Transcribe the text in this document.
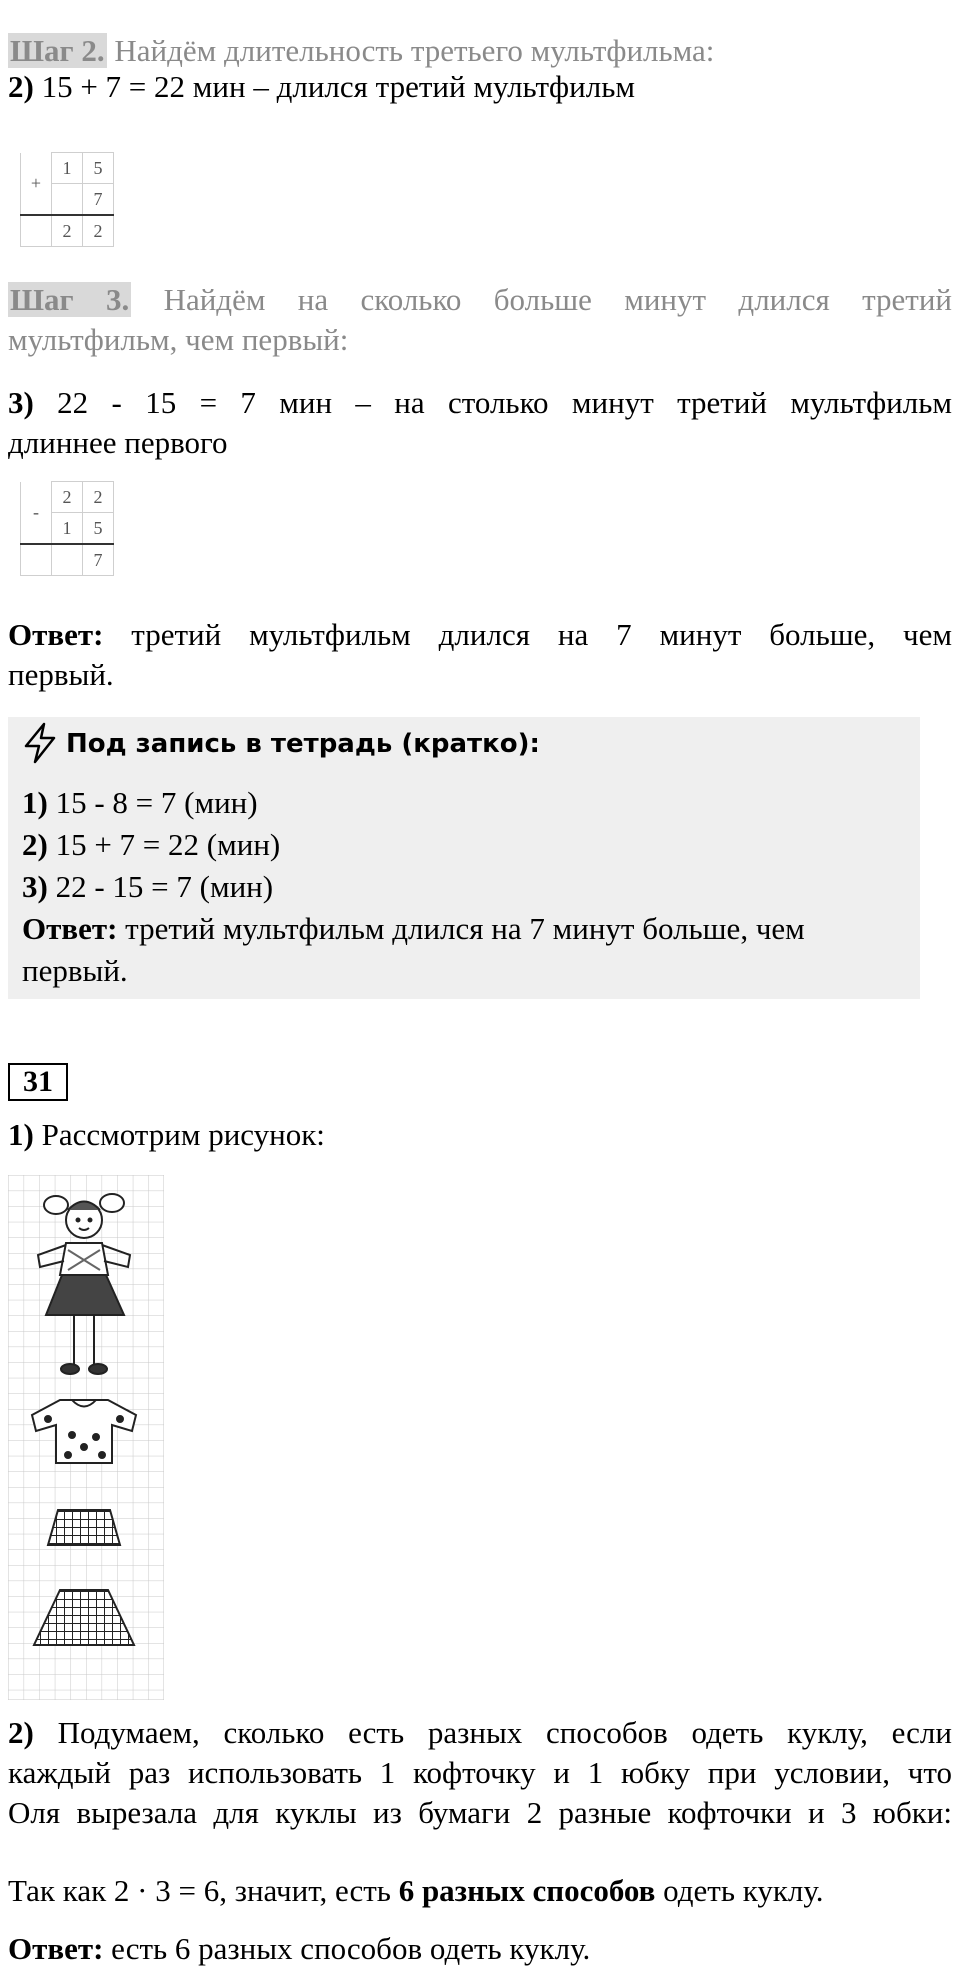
Шаг 2. Найдём длительность третьего мультфильма:
2) 15 + 7 = 22 мин – длился третий мультфильм
+	1	5
		7
	2	2
Шаг 3. Найдём на сколько больше минут длился третий
мультфильм, чем первый:
3) 22 - 15 = 7 мин – на столько минут третий мультфильм
длиннее первого
-	2	2
	1	5
		7
Ответ: третий мультфильм длился на 7 минут больше, чем
первый.
Под запись в тетрадь (кратко):
1) 15 - 8 = 7 (мин)
2) 15 + 7 = 22 (мин)
3) 22 - 15 = 7 (мин)
Ответ: третий мультфильм длился на 7 минут больше, чем
первый.
31
1) Рассмотрим рисунок:
2) Подумаем, сколько есть разных способов одеть куклу, если
каждый раз использовать 1 кофточку и 1 юбку при условии, что
Оля вырезала для куклы из бумаги 2 разные кофточки и 3 юбки:
Так как 2 · 3 = 6, значит, есть 6 разных способов одеть куклу.
Ответ: есть 6 разных способов одеть куклу.
